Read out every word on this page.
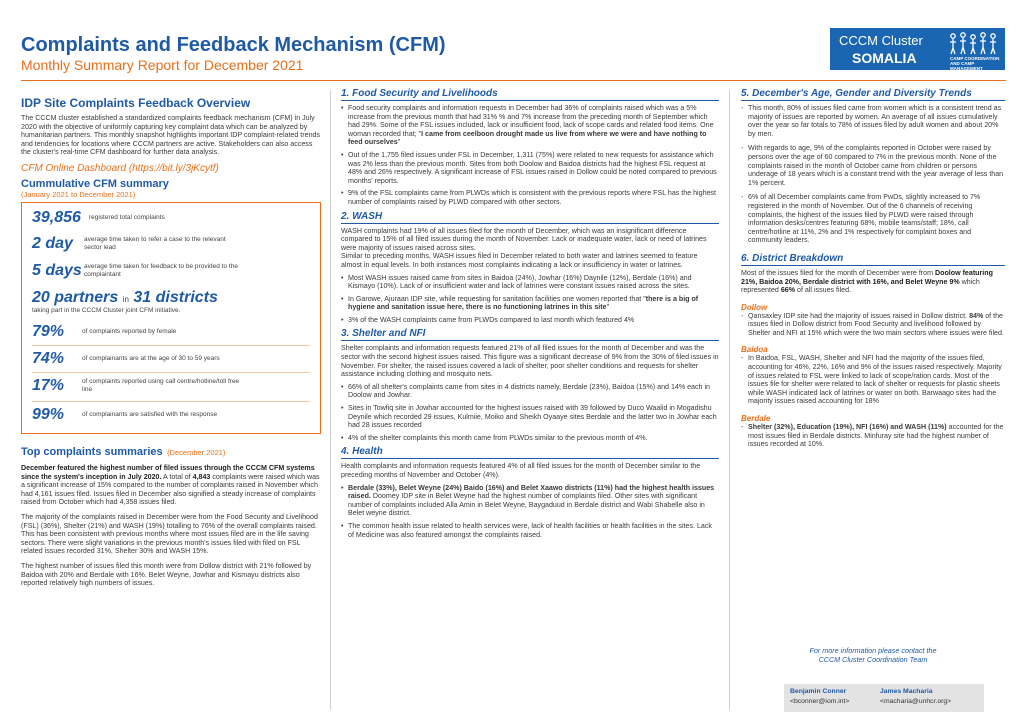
Complaints and Feedback Mechanism (CFM)
Monthly Summary Report for December 2021
CCCM Cluster
SOMALIA	CAMP COORDINATION AND CAMP MANAGEMENT
IDP Site Complaints Feedback Overview
The CCCM cluster established a standardized complaints feedback mechanism (CFM) in July 2020 with the objective of uniformly capturing key complaint data which can be analyzed by humanitarian partners. This monthly snapshot highlights important IDP complaint-related trends and tendencies for locations where CCCM partners are active. Stakeholders can also access the cluster's real-time CFM dashboard for further data analysis.
CFM Online Dashboard (https://bit.ly/3jKcytf)
Cummulative CFM summary
(January 2021 to December 2021)
39,856 registered total complaints
2 day	average time taken to refer a case to the relevant sector lead
5 days average time taken for feedback to be provided to the complaintant
20 partners in 31 districts
taking part in the CCCM Cluster joint CFM initiative.
79%	of complaints reported by female
74%	of complainants are at the age of 30 to 59 years
17%	of complaints reported using call centre/hotline/toll free line
99%	of complainants are satisfied with the response
Top complaints summaries (December 2021)
December featured the highest number of filed issues through the CCCM CFM systems since the system's inception in July 2020. A total of 4,843 complaints were raised which was a significant increase of 15% compared to the number of complaints raised in November which had 4,161 issues filed. Issues filed in December also signified a steady increase of complaints raised from October which had 4,358 issues filed.
The majority of the complaints raised in December were from the Food Security and Livelihood (FSL) (36%), Shelter (21%) and WASH (19%) totalling to 76% of the overall complaints raised. This has been consistent with previous months where most issues filed are in the life saving sectors. There were slight variations in the previous month's issues filed with filed on FSL related issues recorded 31%, Shelter 30% and WASH 15%.
The highest number of issues filed this month were from Dollow district with 21% followed by Baidoa with 20% and Berdale with 16%. Belet Weyne, Jowhar and Kismayu districts also reported relatively high numbers of issues.
1. Food Security and Livelihoods
• Food security complaints and information requests in December had 36% of complaints raised which was a 5% increase from the previous month that had 31% % and 7% increase from the preceding month of September which had 29%. Some of the FSL issues included, lack or insufficient food, lack of scope cards and related food items. One woman recorded that; "I came from ceelboon drought made us live from where we were and have nothing to feed ourselves"
• Out of the 1,755 filed issues under FSL in December, 1,311 (75%) were related to new requests for assistance which was 2% less than the previous month. Sites from both Doolow and Baidoa districts had the highest FSL request at 48% and 26% respectively. A significant increase of FSL issues raised in Dollow could be noted compared to previous months' reports.
• 9% of the FSL complaints came from PLWDs which is consistent with the previous reports where FSL has the highest number of complaints raised by PLWD compared with other sectors.
2. WASH
WASH complaints had 19% of all issues filed for the month of December, which was an insignificant difference compared to 15% of all filed issues during the month of November. Lack or inadequate water, lack or need of latrines were majority of issues raised across sites.
Similar to preceding months, WASH issues filed in December related to both water and latrines seemed to feature almost in equal levels. In both instances most complaints indicating a lack or insufficiency in water or latrines.
• Most WASH issues raised came from sites in Baidoa (24%), Jowhar (16%) Daynile (12%), Berdale (16%) and Kismayo (10%). Lack of or insufficient water and lack of latrines were constant issues raised across the sites.
• In Garowe, Ajuraan IDP site, while requesting for sanitation facilities one women reported that "there is a big of hygiene and sanitation issue here, there is no functioning latrines in this site"
• 3% of the WASH complaints came from PLWDs compared to last month which featured 4%
3. Shelter and NFI
Shelter complaints and information requests featured 21% of all filed issues for the month of December and was the sector with the second highest issues raised. This figure was a significant decrease of 9% from the 30% of filed issues in November. For shelter, the raised issues covered a lack of shelter, poor shelter conditions and requests for shelter assistance including clothing and mosquito nets.
• 66% of all shelter's complaints came from sites in 4 districts namely, Berdale (23%), Baidoa (15%) and 14% each in Doolow and Jowhar.
• Sites in Towfiq site in Jowhar accounted for the highest issues raised with 39 followed by Duco Waalid in Mogadishu Deynile which recorded 29 issues, Kulmiie, Moiko and Sheikh Oyaaye sites Berdale and the latter two in Jowhar each had 28 issues recorded
• 4% of the shelter complaints this month came from PLWDs similar to the previous month of 4%.
4. Health
Health complaints and information requests featured 4% of all filed issues for the month of December similar to the preceding months of November and October (4%).
• Berdale (33%), Belet Weyne (24%) Baido (16%) and Belet Xaawo districts (11%) had the highest health issues raised. Doomey IDP site in Belet Weyne had the highest number of complaints filed. Other sites with significant number of complaints included Alla Amin in Belet Weyne, Baygaduud in Berdale district and Wabi Shabelle also in Belet weyne district.
• The common health issue related to health services were, lack of health facilities or health facilities in the sites. Lack of Medicine was also featured amongst the complaints raised.
5. December's Age, Gender and Diversity Trends
- This month, 80% of issues filed came from women which is a consistent trend as majority of issues are reported by women. An average of all issues cumulatively over the year so far totals to 78% of issues filed by adult women and about 20% by men.
- With regards to age, 9% of the complaints reported in October were raised by persons over the age of 60 compared to 7% in the previous month. None of the complaints raised in the month of October came from children or persons underage of 18 years which is a constant trend with the year average of less than 1% percent.
- 6% of all December complaints came from PwDs, slightly increased to 7% registered in the month of November. Out of the 6 channels of receiving complaints, the highest of the issues filed by PLWD were raised through information desks/centres featuring 68%, mobile teams/staff; 18%, call centre/hotline at 11%, 2% and 1% respectively for complaint boxes and community leaders.
6. District Breakdown
Most of the issues filed for the month of December were from Doolow featuring 21%, Baidoa 20%, Berdale district with 16%, and Belet Weyne 9% which represented 66% of all issues filed.
Dollow
- Qansaxley IDP site had the majority of issues raised in Dollow district. 84% of the issues filed in Dollow district from Food Security and livelihood followed by Shelter and NFI at 15% which were the two main sectors where issues were filed.
Baidoa
- In Baidoa, FSL, WASH, Shelter and NFI had the majority of the issues filed, accounting for 46%, 22%, 16% and 9% of the issues raised respectively. Majority of issues related to FSL were linked to lack of scope/ration cards. Most of the issues file for shelter were related to lack of shelter or requests for plastic sheets while WASH indicated lack of latrines or water on both. Barwaago sites had the majority issues raised accounting for 18%
Berdale
- Shelter (32%), Education (19%), NFI (16%) and WASH (11%) accounted for the most issues filed in Berdale districts. Minfuray site had the highest number of issues recorded at 10%.
For more information please contact the
CCCM Cluster Coordination Team
Benjamin Conner
<bconner@iom.int>
James Macharia
<macharia@unhcr.org>
